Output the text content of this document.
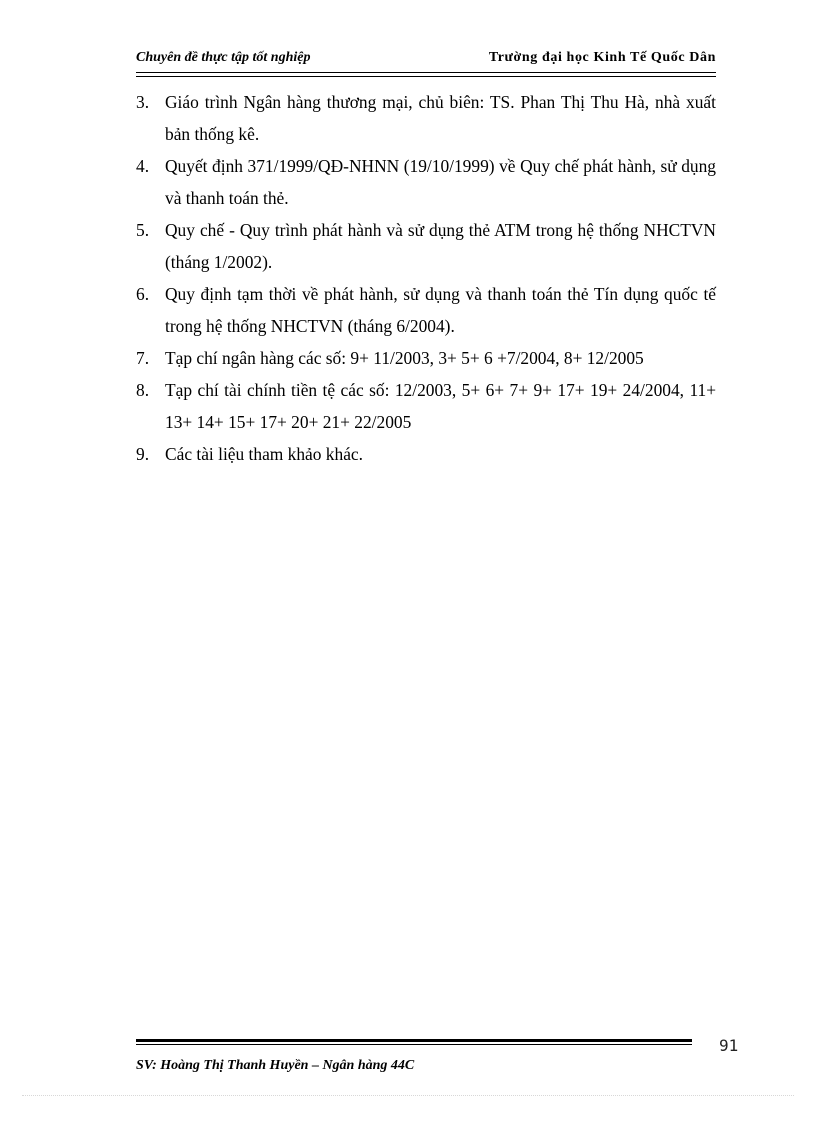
Chuyên đề thực tập tốt nghiệp	Trường đại học Kinh Tế Quốc Dân
3. Giáo trình Ngân hàng thương mại, chủ biên: TS. Phan Thị Thu Hà, nhà xuất bản thống kê.
4. Quyết định 371/1999/QĐ-NHNN (19/10/1999) về Quy chế phát hành, sử dụng và thanh toán thẻ.
5. Quy chế - Quy trình phát hành và sử dụng thẻ ATM trong hệ thống NHCTVN (tháng 1/2002).
6. Quy định tạm thời về phát hành, sử dụng và thanh toán thẻ Tín dụng quốc tế trong hệ thống NHCTVN (tháng 6/2004).
7. Tạp chí ngân hàng các số: 9+ 11/2003, 3+ 5+ 6 +7/2004, 8+ 12/2005
8. Tạp chí tài chính tiền tệ các số: 12/2003, 5+ 6+ 7+ 9+ 17+ 19+ 24/2004, 11+ 13+ 14+ 15+ 17+ 20+ 21+ 22/2005
9. Các tài liệu tham khảo khác.
91
SV: Hoàng Thị Thanh Huyền – Ngân hàng 44C
